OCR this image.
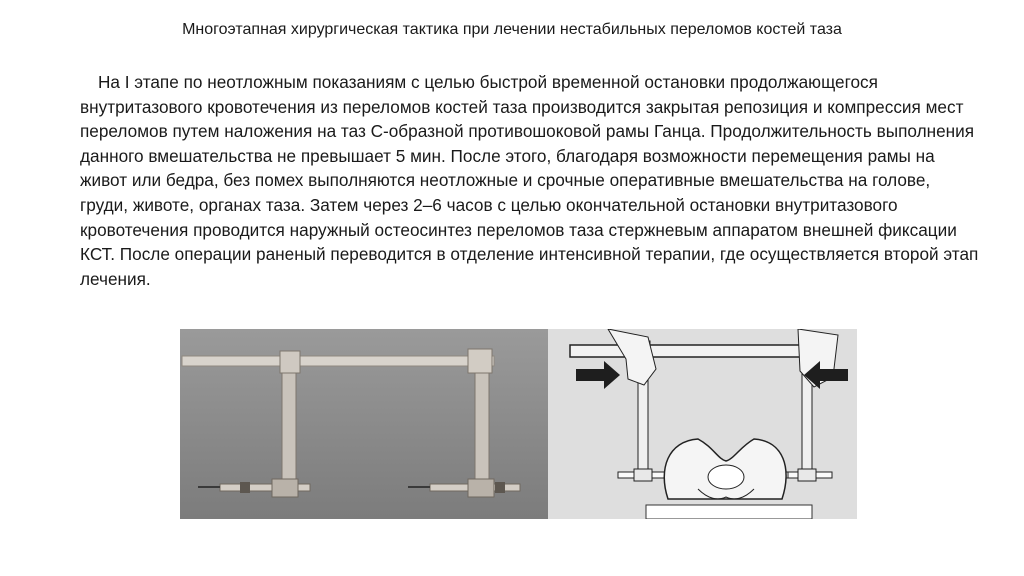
Многоэтапная хирургическая тактика при лечении нестабильных переломов костей таза

На I этапе по неотложным показаниям с целью быстрой временной остановки продолжающегося внутритазового кровотечения из переломов костей таза производится закрытая репозиция и компрессия мест переломов путем наложения на таз С-образной противошоковой рамы Ганца. Продолжительность выполнения данного вмешательства не превышает 5 мин. После этого, благодаря возможности перемещения рамы на живот или бедра, без помех выполняются неотложные и срочные оперативные вмешательства на голове, груди, животе, органах таза. Затем через 2–6 часов с целью окончательной остановки внутритазового кровотечения проводится наружный остеосинтез переломов таза стержневым аппаратом внешней фиксации КСТ. После операции раненый переводится в отделение интенсивной терапии, где осуществляется второй этап лечения.
